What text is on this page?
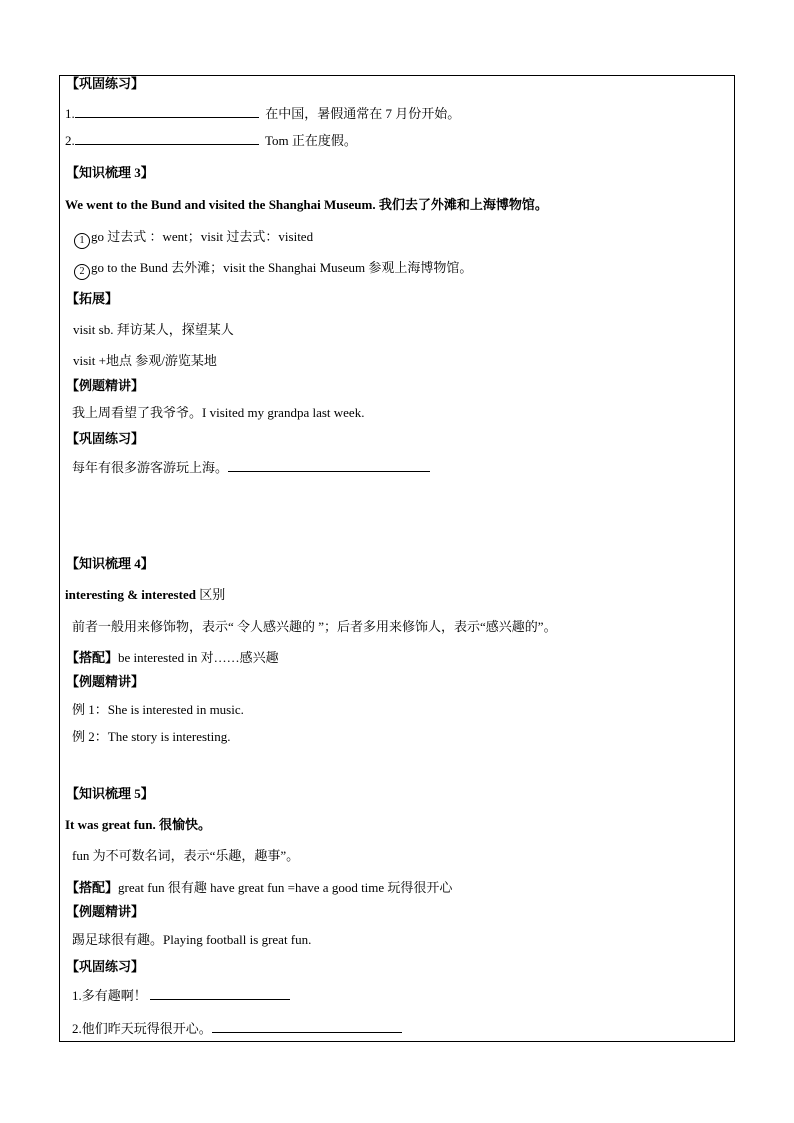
【巩固练习】
1.	在中国，暑假通常在 7 月份开始。
2.	Tom 正在度假。
【知识梳理 3】
We went to the Bund and visited the Shanghai Museum. 我们去了外滩和上海博物馆。
1 go 过去式 ：went；visit 过去式：visited
2 go to the Bund 去外滩；visit the Shanghai Museum 参观上海博物馆。
【拓展】
visit sb. 拜访某人，探望某人
visit +地点 参观/游览某地
【例题精讲】
我上周看望了我爷爷。I visited my grandpa last week.
【巩固练习】
每年有很多游客游玩上海。
【知识梳理 4】
interesting & interested 区别
前者一般用来修饰物，表示“ 令人感兴趣的 ”；后者多用来修饰人，表示“感兴趣的”。
【搭配】be interested in 对……感兴趣
【例题精讲】
例 1：She is interested in music.
例 2：The story is interesting.
【知识梳理 5】
It was great fun. 很愉快。
fun 为不可数名词，表示“乐趣，趣事”。
【搭配】great fun 很有趣 have great fun =have a good time 玩得很开心
【例题精讲】
踢足球很有趣。Playing football is great fun.
【巩固练习】
1.多有趣啊！
2.他们昨天玩得很开心。
